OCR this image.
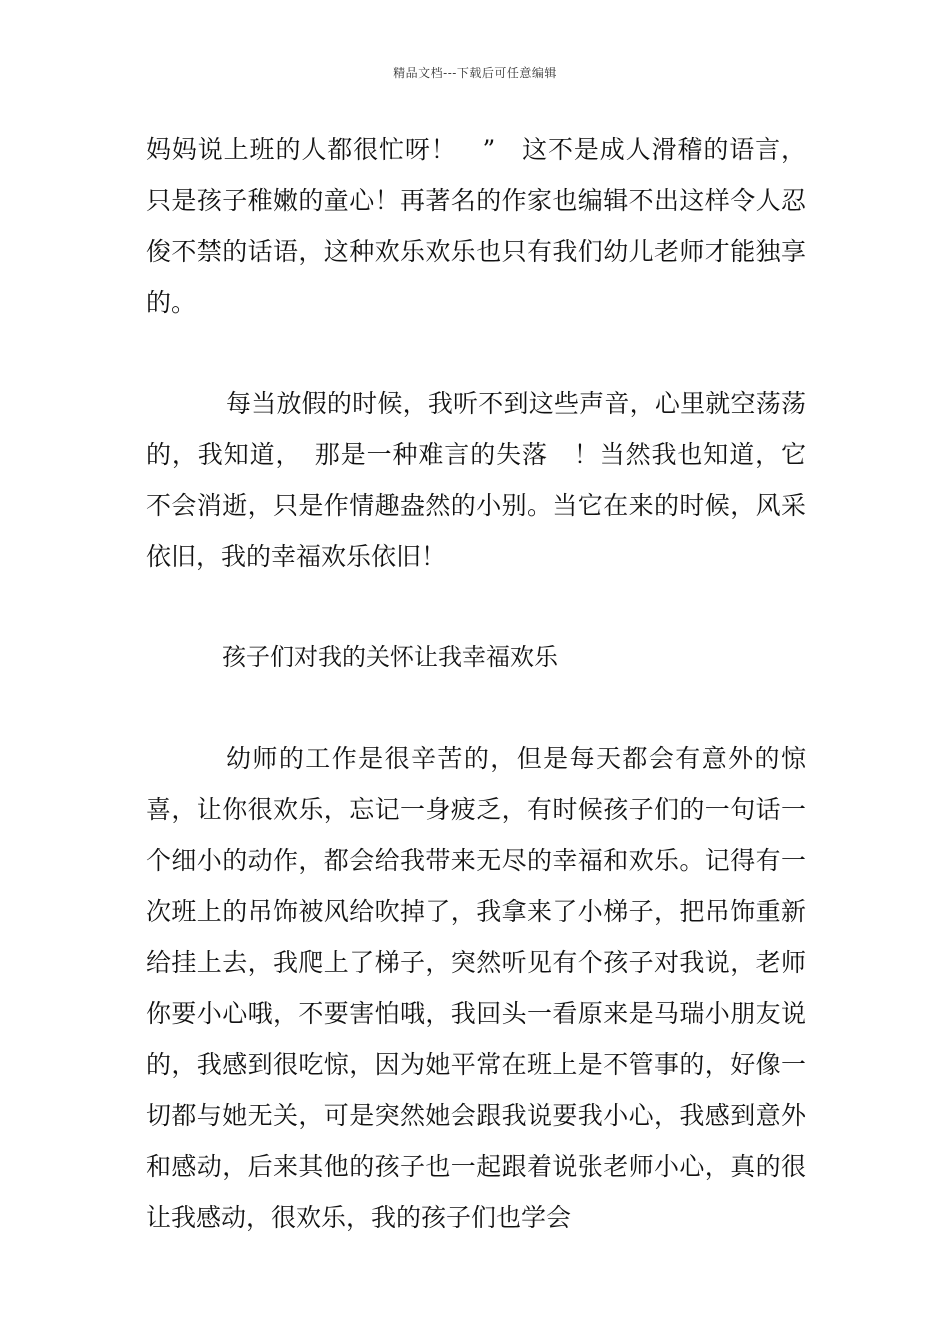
精品文档---下载后可任意编辑

妈妈说上班的人都很忙呀！　”　这不是成人滑稽的语言，只是孩子稚嫩的童心！再著名的作家也编辑不出这样令人忍俊不禁的话语，这种欢乐欢乐也只有我们幼儿老师才能独享的。

每当放假的时候，我听不到这些声音，心里就空荡荡的，我知道，　那是一种难言的失落　！当然我也知道，它不会消逝，只是作情趣盎然的小别。当它在来的时候，风采依旧，我的幸福欢乐依旧！

孩子们对我的关怀让我幸福欢乐

幼师的工作是很辛苦的，但是每天都会有意外的惊喜，让你很欢乐，忘记一身疲乏，有时候孩子们的一句话一个细小的动作，都会给我带来无尽的幸福和欢乐。记得有一次班上的吊饰被风给吹掉了，我拿来了小梯子，把吊饰重新给挂上去，我爬上了梯子，突然听见有个孩子对我说，老师你要小心哦，不要害怕哦，我回头一看原来是马瑞小朋友说的，我感到很吃惊，因为她平常在班上是不管事的，好像一切都与她无关，可是突然她会跟我说要我小心，我感到意外和感动，后来其他的孩子也一起跟着说张老师小心，真的很让我感动，很欢乐，我的孩子们也学会
